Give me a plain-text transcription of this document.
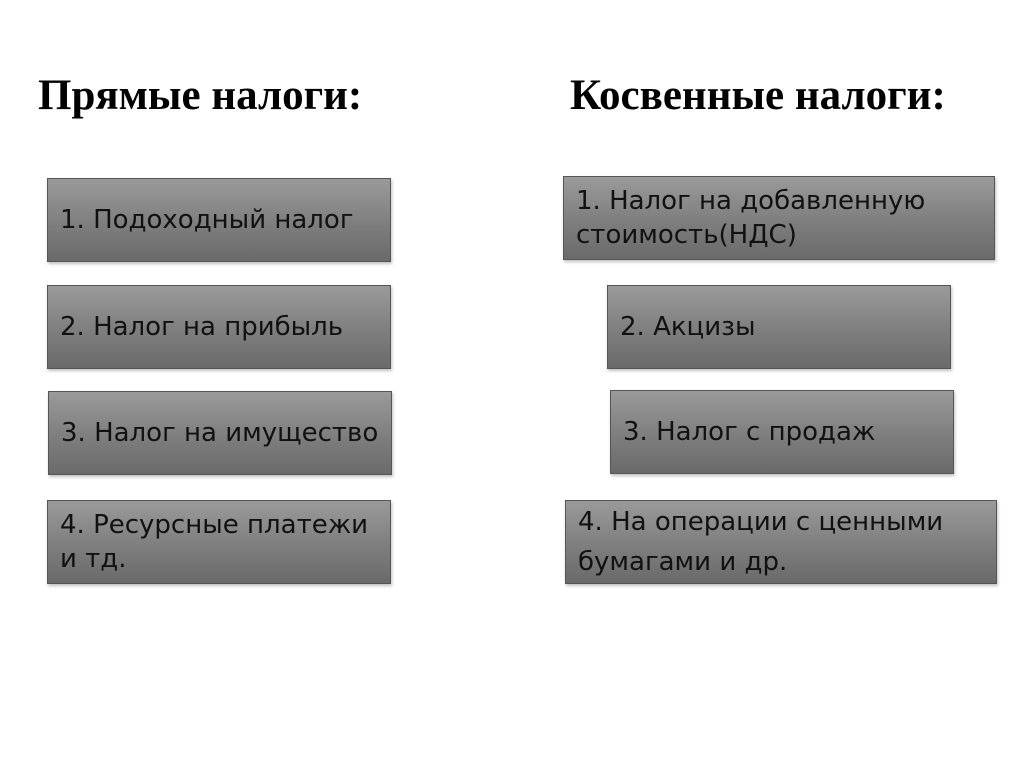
Прямые налоги:	Косвенные налоги:
1. Подоходный налог
2. Налог на прибыль
3. Налог на имущество
4. Ресурсные платежи и тд.
1. Налог на добавленную стоимость(НДС)
2. Акцизы
3. Налог с продаж
4. На операции с ценными бумагами и др.
